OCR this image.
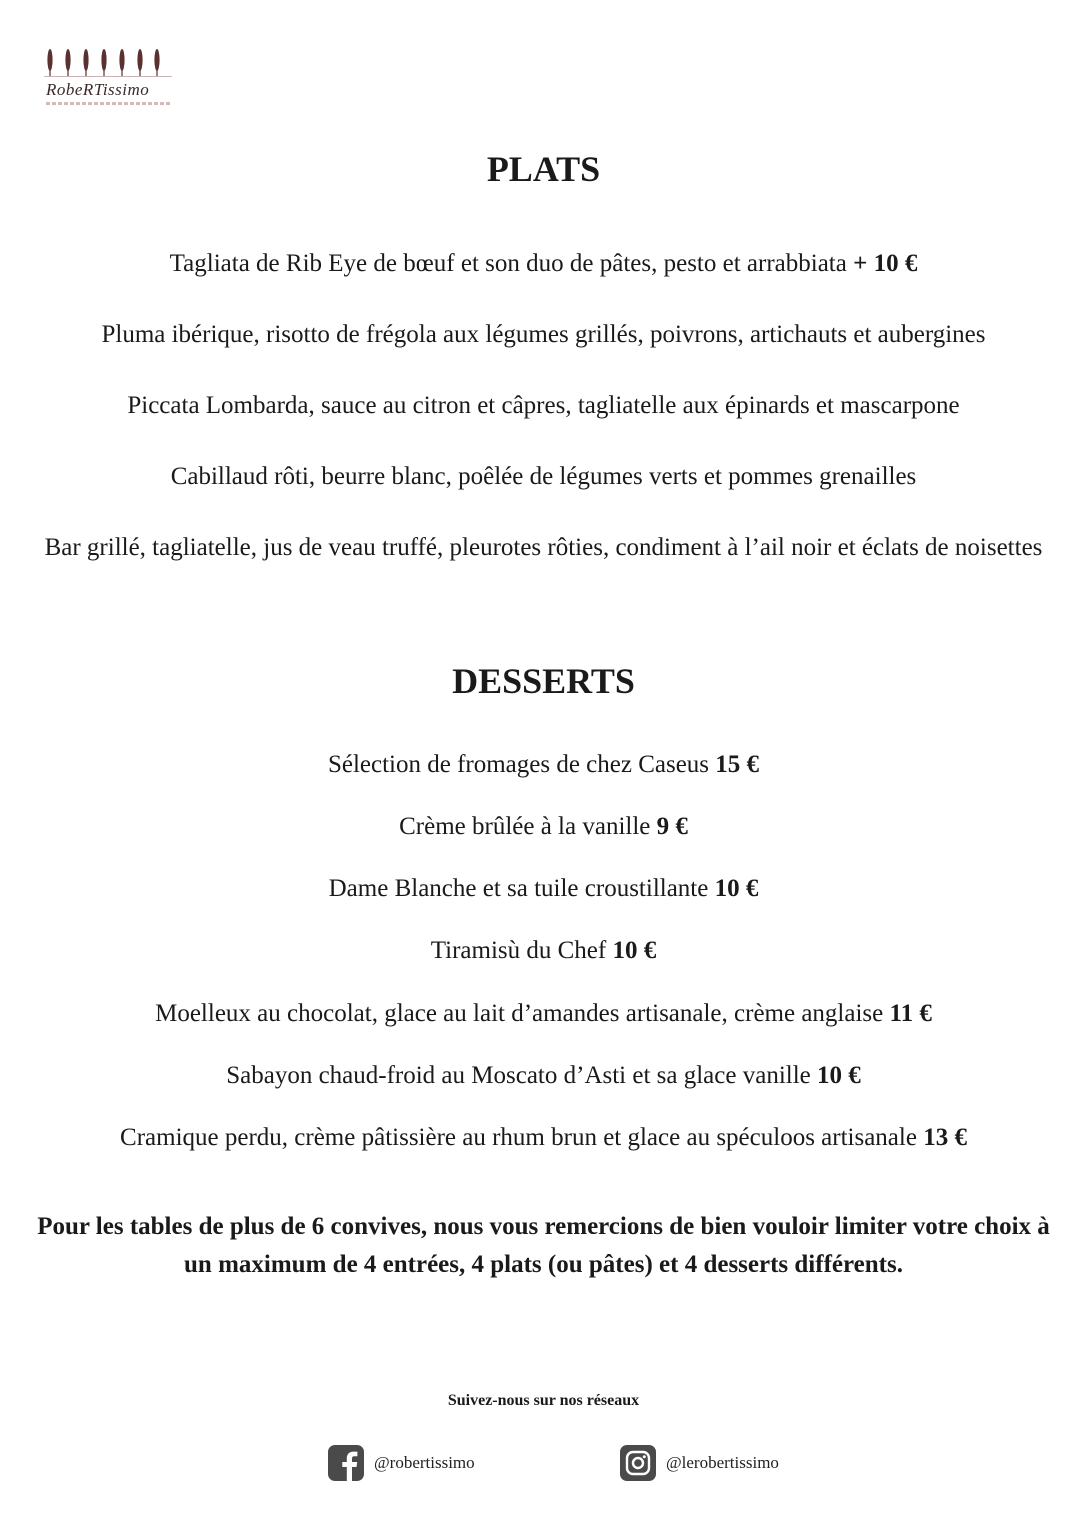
RobeRTissimo
PLATS

Tagliata de Rib Eye de bœuf et son duo de pâtes, pesto et arrabbiata + 10 €

Pluma ibérique, risotto de frégola aux légumes grillés, poivrons, artichauts et aubergines

Piccata Lombarda, sauce au citron et câpres, tagliatelle aux épinards et mascarpone

Cabillaud rôti, beurre blanc, poêlée de légumes verts et pommes grenailles

Bar grillé, tagliatelle, jus de veau truffé, pleurotes rôties, condiment à l’ail noir et éclats de noisettes

DESSERTS

Sélection de fromages de chez Caseus 15 €

Crème brûlée à la vanille 9 €

Dame Blanche et sa tuile croustillante 10 €

Tiramisù du Chef 10 €

Moelleux au chocolat, glace au lait d’amandes artisanale, crème anglaise 11 €

Sabayon chaud-froid au Moscato d’Asti et sa glace vanille 10 €

Cramique perdu, crème pâtissière au rhum brun et glace au spéculoos artisanale 13 €

Pour les tables de plus de 6 convives, nous vous remercions de bien vouloir limiter votre choix à un maximum de 4 entrées, 4 plats (ou pâtes) et 4 desserts différents.

Suivez-nous sur nos réseaux

@robertissimo	@lerobertissimo
